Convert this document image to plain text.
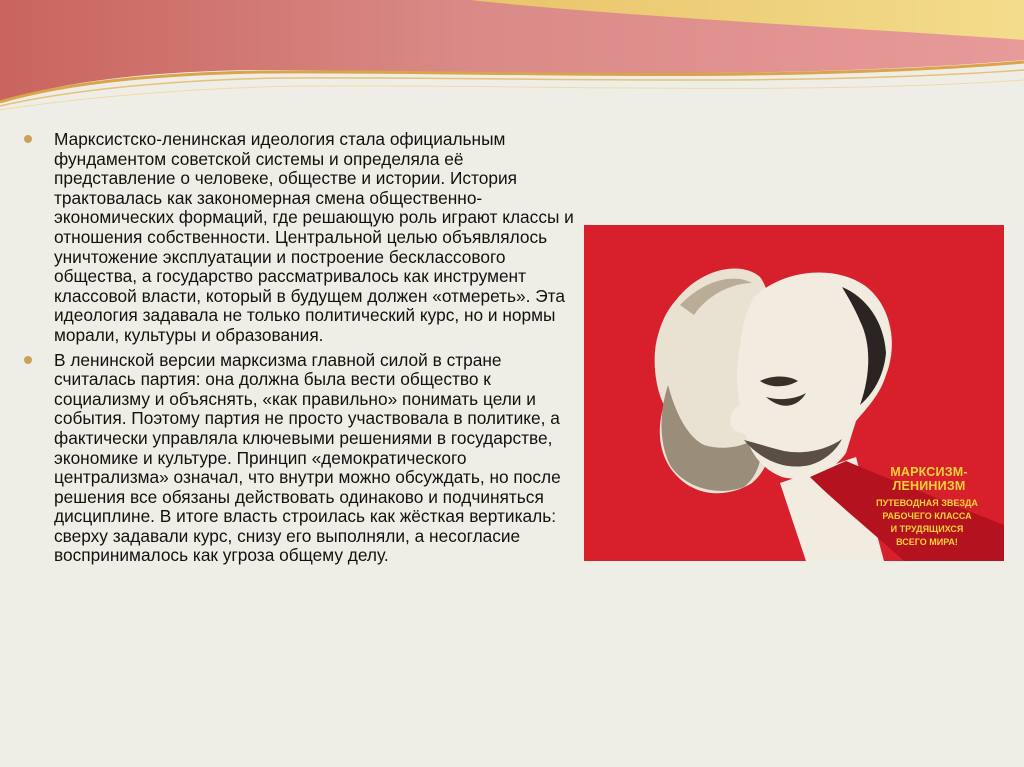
Марксистско-ленинская идеология стала официальным фундаментом советской системы и определяла её представление о человеке, обществе и истории. История трактовалась как закономерная смена общественно-экономических формаций, где решающую роль играют классы и отношения собственности. Центральной целью объявлялось уничтожение эксплуатации и построение бесклассового общества, а государство рассматривалось как инструмент классовой власти, который в будущем должен «отмереть». Эта идеология задавала не только политический курс, но и нормы морали, культуры и образования.
В ленинской версии марксизма главной силой в стране считалась партия: она должна была вести общество к социализму и объяснять, «как правильно» понимать цели и события. Поэтому партия не просто участвовала в политике, а фактически управляла ключевыми решениями в государстве, экономике и культуре. Принцип «демократического централизма» означал, что внутри можно обсуждать, но после решения все обязаны действовать одинаково и подчиняться дисциплине. В итоге власть строилась как жёсткая вертикаль: сверху задавали курс, снизу его выполняли, а несогласие воспринималось как угроза общему делу.
МАРКСИЗМ-ЛЕНИНИЗМ
ПУТЕВОДНАЯ ЗВЕЗДА
РАБОЧЕГО КЛАССА
И ТРУДЯЩИХСЯ
ВСЕГО МИРА!
